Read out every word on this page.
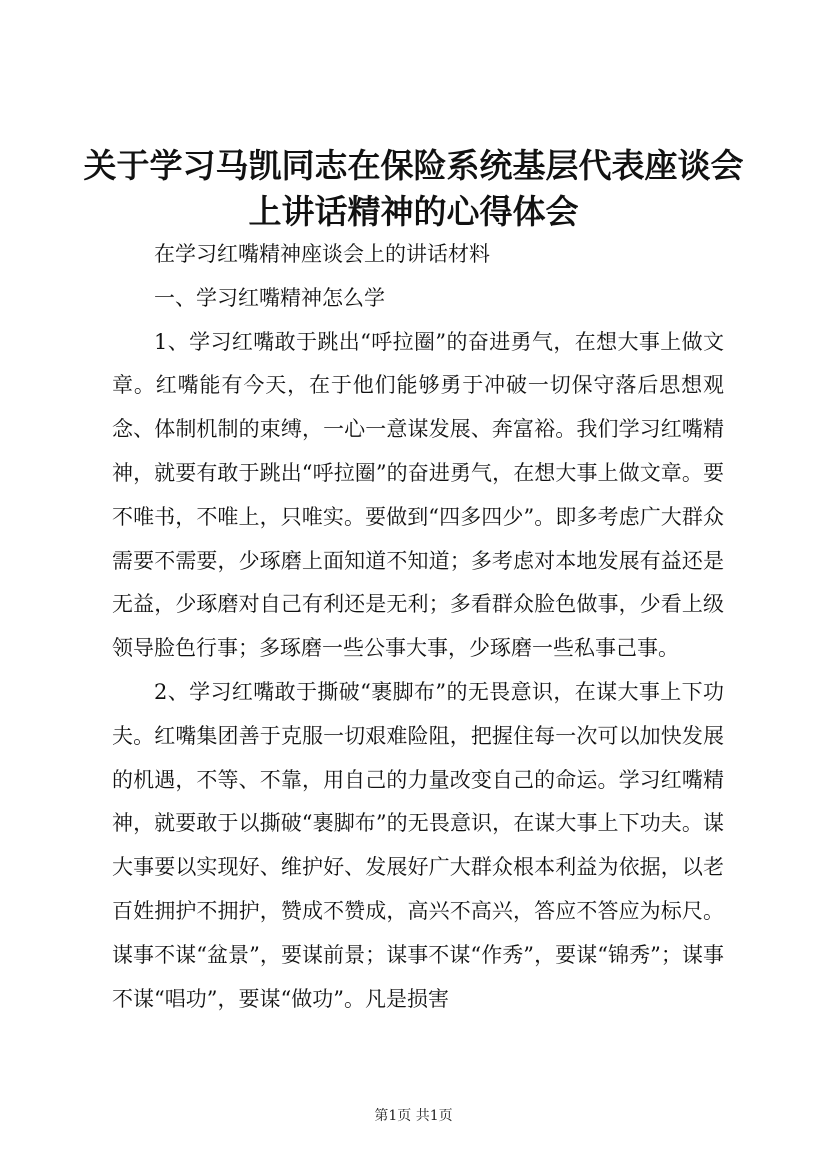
关于学习马凯同志在保险系统基层代表座谈会上讲话精神的心得体会

在学习红嘴精神座谈会上的讲话材料

一、学习红嘴精神怎么学

1、学习红嘴敢于跳出“呼拉圈”的奋进勇气，在想大事上做文章。红嘴能有今天，在于他们能够勇于冲破一切保守落后思想观念、体制机制的束缚，一心一意谋发展、奔富裕。我们学习红嘴精神，就要有敢于跳出“呼拉圈”的奋进勇气，在想大事上做文章。要不唯书，不唯上，只唯实。要做到“四多四少”。即多考虑广大群众需要不需要，少琢磨上面知道不知道；多考虑对本地发展有益还是无益，少琢磨对自己有利还是无利；多看群众脸色做事，少看上级领导脸色行事；多琢磨一些公事大事，少琢磨一些私事己事。

2、学习红嘴敢于撕破“裹脚布”的无畏意识，在谋大事上下功夫。红嘴集团善于克服一切艰难险阻，把握住每一次可以加快发展的机遇，不等、不靠，用自己的力量改变自己的命运。学习红嘴精神，就要敢于以撕破“裹脚布”的无畏意识，在谋大事上下功夫。谋大事要以实现好、维护好、发展好广大群众根本利益为依据，以老百姓拥护不拥护，赞成不赞成，高兴不高兴，答应不答应为标尺。谋事不谋“盆景”，要谋前景；谋事不谋“作秀”，要谋“锦秀”；谋事不谋“唱功”，要谋“做功”。凡是损害

第1页 共1页
